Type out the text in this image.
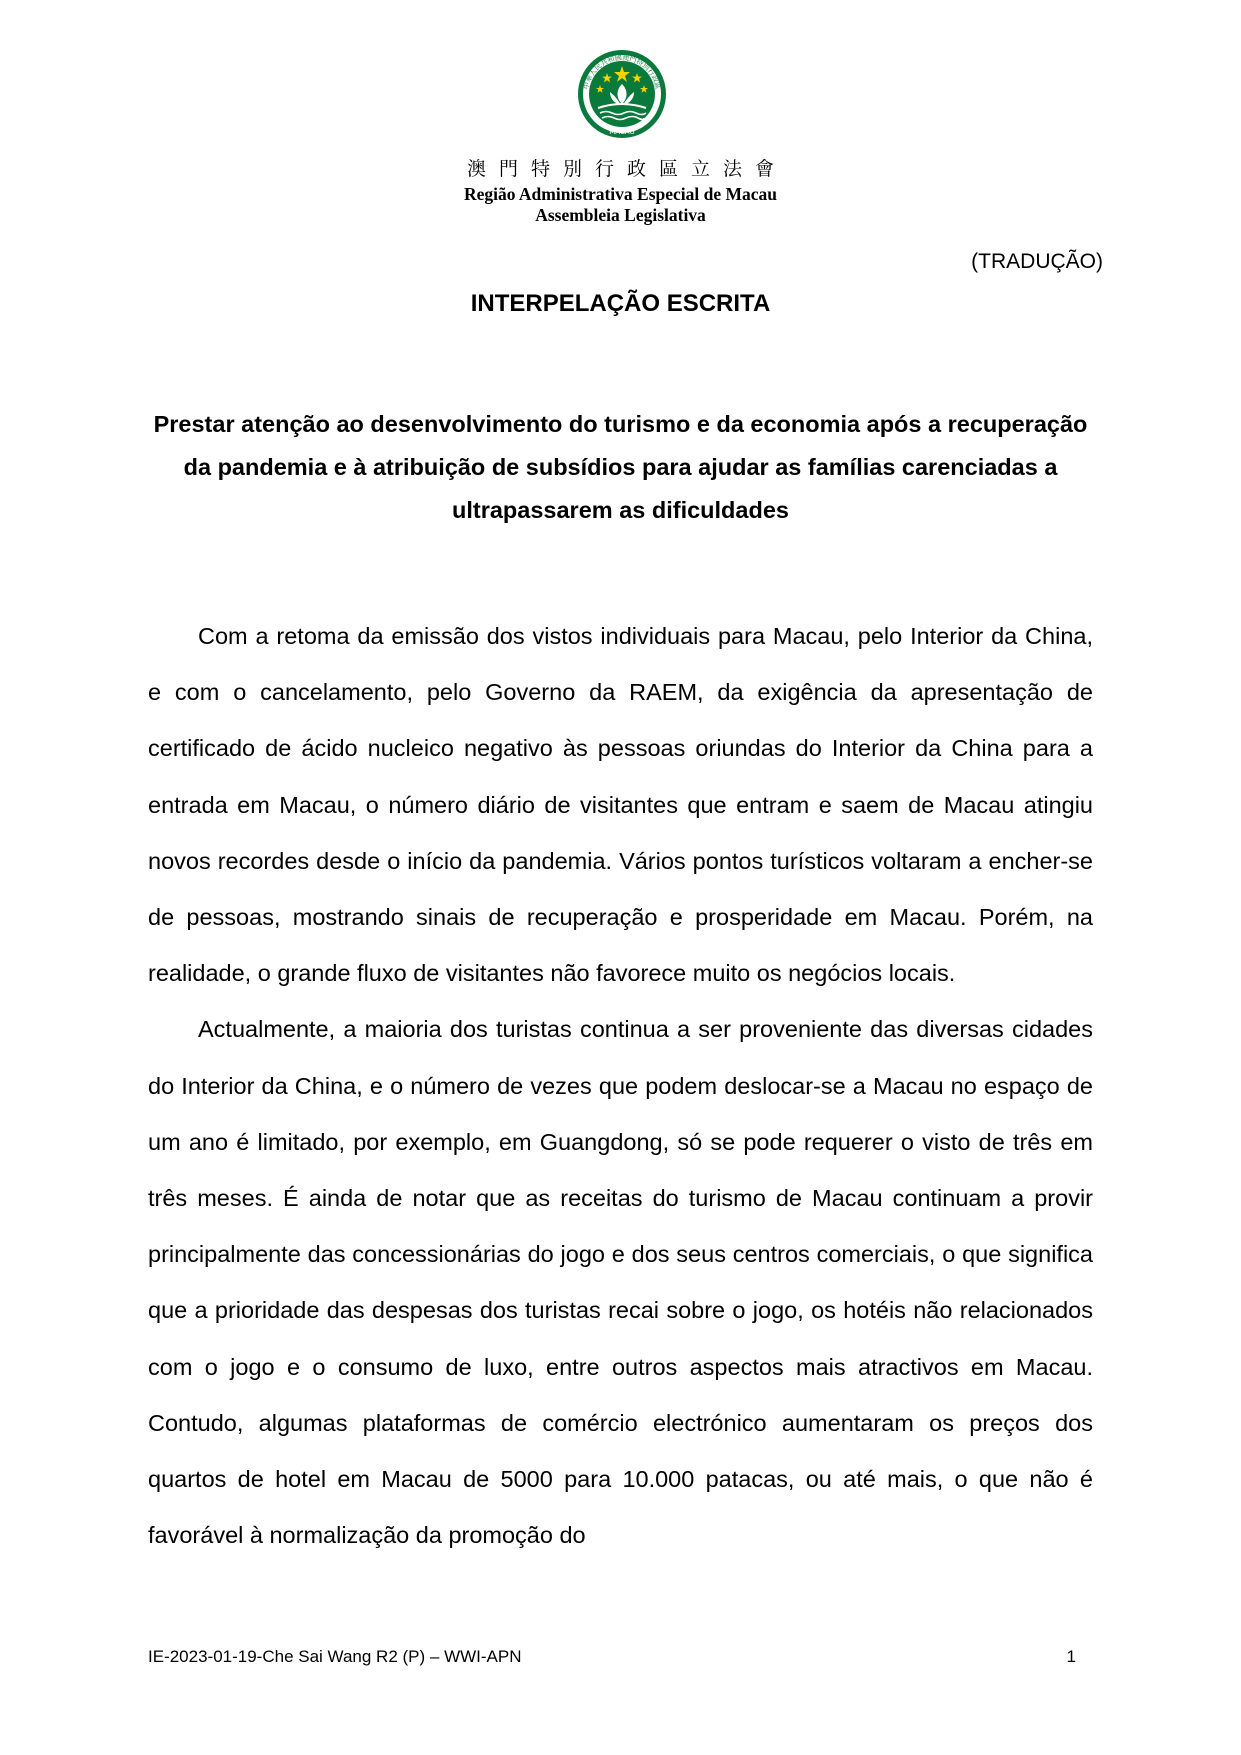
中華人民共和國澳門特別行政區
MACAU
澳門特別行政區立法會
Região Administrativa Especial de Macau
Assembleia Legislativa
(TRADUÇÃO)
INTERPELAÇÃO ESCRITA
Prestar atenção ao desenvolvimento do turismo e da economia após a recuperação da pandemia e à atribuição de subsídios para ajudar as famílias carenciadas a ultrapassarem as dificuldades

Com a retoma da emissão dos vistos individuais para Macau, pelo Interior da China, e com o cancelamento, pelo Governo da RAEM, da exigência da apresentação de certificado de ácido nucleico negativo às pessoas oriundas do Interior da China para a entrada em Macau, o número diário de visitantes que entram e saem de Macau atingiu novos recordes desde o início da pandemia. Vários pontos turísticos voltaram a encher-se de pessoas, mostrando sinais de recuperação e prosperidade em Macau. Porém, na realidade, o grande fluxo de visitantes não favorece muito os negócios locais.

Actualmente, a maioria dos turistas continua a ser proveniente das diversas cidades do Interior da China, e o número de vezes que podem deslocar-se a Macau no espaço de um ano é limitado, por exemplo, em Guangdong, só se pode requerer o visto de três em três meses. É ainda de notar que as receitas do turismo de Macau continuam a provir principalmente das concessionárias do jogo e dos seus centros comerciais, o que significa que a prioridade das despesas dos turistas recai sobre o jogo, os hotéis não relacionados com o jogo e o consumo de luxo, entre outros aspectos mais atractivos em Macau. Contudo, algumas plataformas de comércio electrónico aumentaram os preços dos quartos de hotel em Macau de 5000 para 10.000 patacas, ou até mais, o que não é favorável à normalização da promoção do

IE-2023-01-19-Che Sai Wang R2 (P) – WWI-APN	1
